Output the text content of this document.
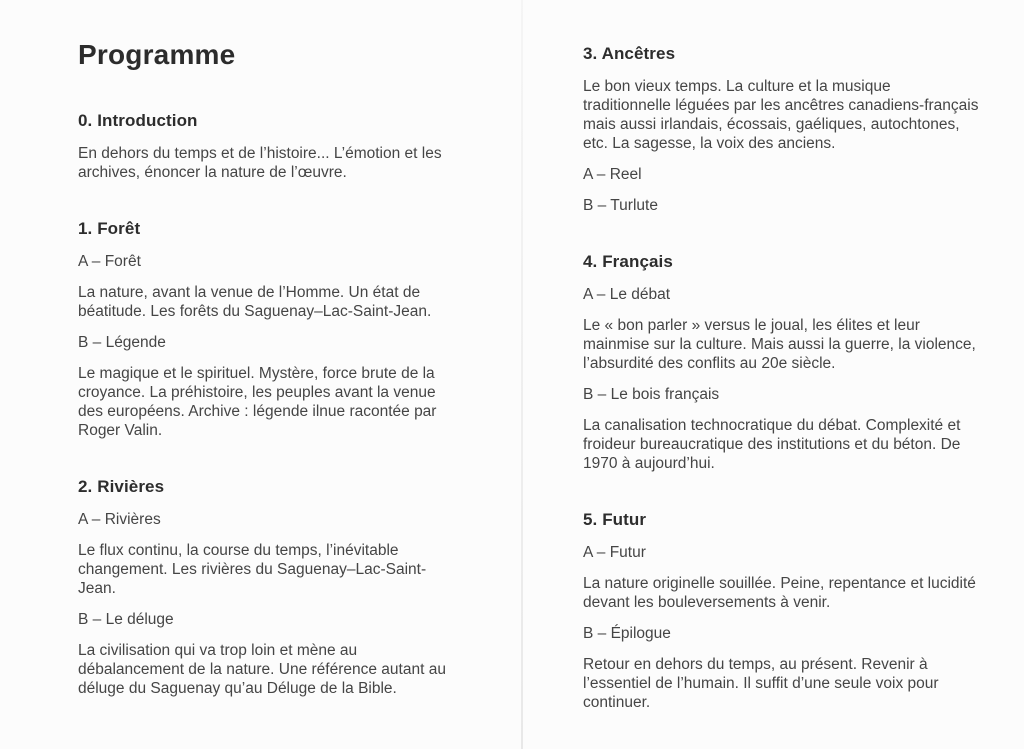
Programme
0. Introduction

En dehors du temps et de l’histoire... L’émotion et les archives, énoncer la nature de l’œuvre.

1. Forêt

A – Forêt

La nature, avant la venue de l’Homme. Un état de béatitude. Les forêts du Saguenay–Lac-Saint-Jean.

B – Légende

Le magique et le spirituel. Mystère, force brute de la croyance. La préhistoire, les peuples avant la venue des européens. Archive : légende ilnue racontée par Roger Valin.

2. Rivières

A – Rivières

Le flux continu, la course du temps, l’inévitable changement. Les rivières du Saguenay–Lac-Saint-Jean.

B – Le déluge

La civilisation qui va trop loin et mène au débalancement de la nature. Une référence autant au déluge du Saguenay qu’au Déluge de la Bible.

3. Ancêtres

Le bon vieux temps. La culture et la musique traditionnelle léguées par les ancêtres canadiens-français mais aussi irlandais, écossais, gaéliques, autochtones, etc. La sagesse, la voix des anciens.

A – Reel

B – Turlute

4. Français

A – Le débat

Le « bon parler » versus le joual, les élites et leur mainmise sur la culture. Mais aussi la guerre, la violence, l’absurdité des conflits au 20e siècle.

B – Le bois français

La canalisation technocratique du débat. Complexité et froideur bureaucratique des institutions et du béton. De 1970 à aujourd’hui.

5. Futur

A – Futur

La nature originelle souillée. Peine, repentance et lucidité devant les bouleversements à venir.

B – Épilogue

Retour en dehors du temps, au présent. Revenir à l’essentiel de l’humain. Il suffit d’une seule voix pour continuer.
